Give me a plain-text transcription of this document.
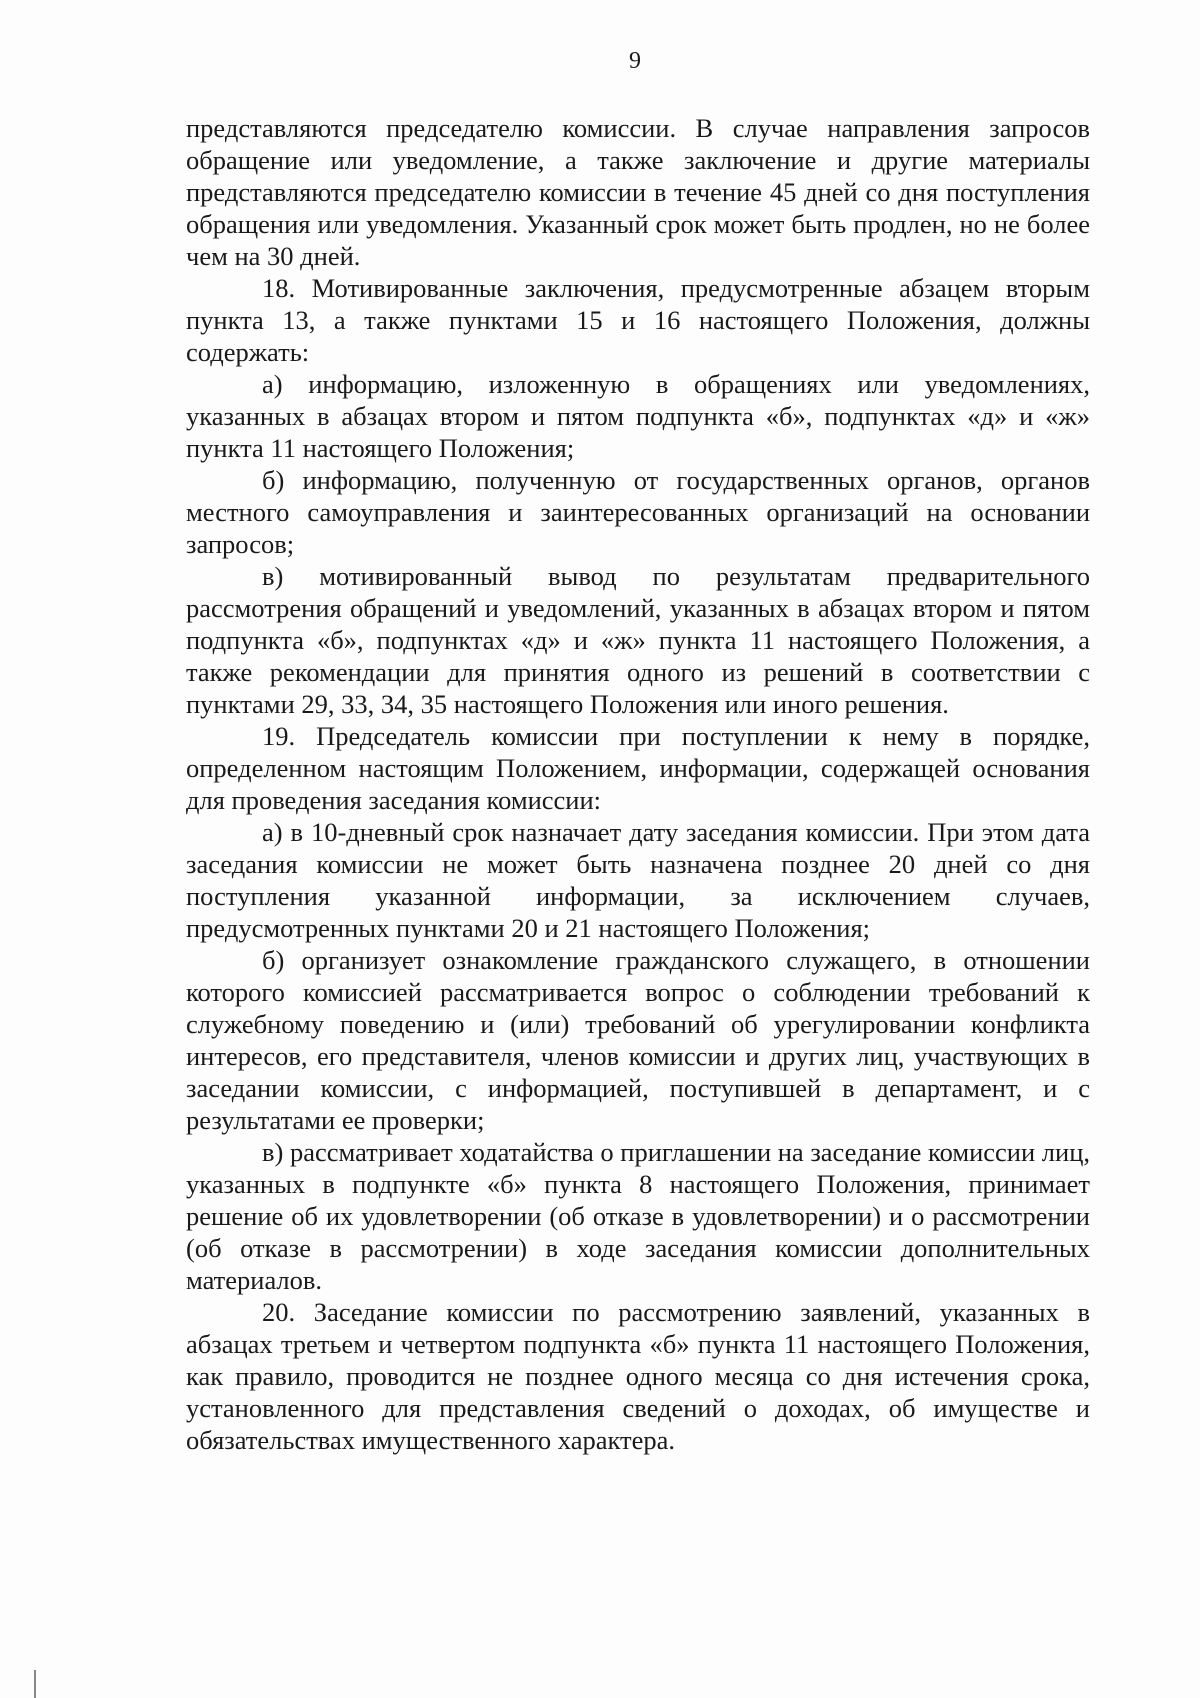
9

представляются председателю комиссии. В случае направления запросов обращение или уведомление, а также заключение и другие материалы представляются председателю комиссии в течение 45 дней со дня поступления обращения или уведомления. Указанный срок может быть продлен, но не более чем на 30 дней.

18. Мотивированные заключения, предусмотренные абзацем вторым пункта 13, а также пунктами 15 и 16 настоящего Положения, должны содержать:

а) информацию, изложенную в обращениях или уведомлениях, указанных в абзацах втором и пятом подпункта «б», подпунктах «д» и «ж» пункта 11 настоящего Положения;

б) информацию, полученную от государственных органов, органов местного самоуправления и заинтересованных организаций на основании запросов;

в) мотивированный вывод по результатам предварительного рассмотрения обращений и уведомлений, указанных в абзацах втором и пятом подпункта «б», подпунктах «д» и «ж» пункта 11 настоящего Положения, а также рекомендации для принятия одного из решений в соответствии с пунктами 29, 33, 34, 35 настоящего Положения или иного решения.

19. Председатель комиссии при поступлении к нему в порядке, определенном настоящим Положением, информации, содержащей основания для проведения заседания комиссии:

а) в 10-дневный срок назначает дату заседания комиссии. При этом дата заседания комиссии не может быть назначена позднее 20 дней со дня поступления указанной информации, за исключением случаев, предусмотренных пунктами 20 и 21 настоящего Положения;

б) организует ознакомление гражданского служащего, в отношении которого комиссией рассматривается вопрос о соблюдении требований к служебному поведению и (или) требований об урегулировании конфликта интересов, его представителя, членов комиссии и других лиц, участвующих в заседании комиссии, с информацией, поступившей в департамент, и с результатами ее проверки;

в) рассматривает ходатайства о приглашении на заседание комиссии лиц, указанных в подпункте «б» пункта 8 настоящего Положения, принимает решение об их удовлетворении (об отказе в удовлетворении) и о рассмотрении (об отказе в рассмотрении) в ходе заседания комиссии дополнительных материалов.

20. Заседание комиссии по рассмотрению заявлений, указанных в абзацах третьем и четвертом подпункта «б» пункта 11 настоящего Положения, как правило, проводится не позднее одного месяца со дня истечения срока, установленного для представления сведений о доходах, об имуществе и обязательствах имущественного характера.
